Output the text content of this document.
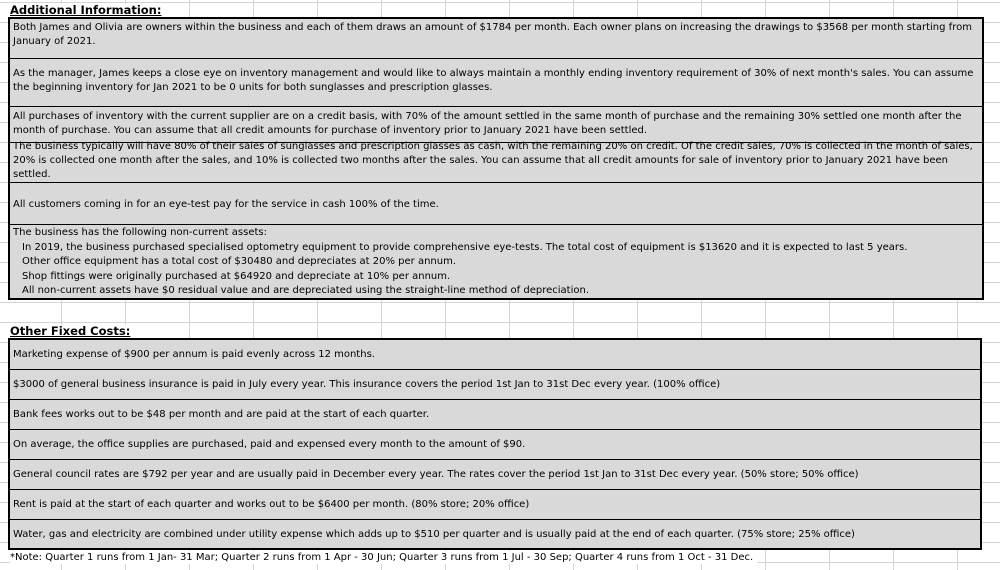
Additional Information:
Both James and Olivia are owners within the business and each of them draws an amount of $1784 per month. Each owner plans on increasing the drawings to $3568 per month starting from January of 2021.
As the manager, James keeps a close eye on inventory management and would like to always maintain a monthly ending inventory requirement of 30% of next month's sales. You can assume the beginning inventory for Jan 2021 to be 0 units for both sunglasses and prescription glasses.
All purchases of inventory with the current supplier are on a credit basis, with 70% of the amount settled in the same month of purchase and the remaining 30% settled one month after the month of purchase. You can assume that all credit amounts for purchase of inventory prior to January 2021 have been settled.
The business typically will have 80% of their sales of sunglasses and prescription glasses as cash, with the remaining 20% on credit. Of the credit sales, 70% is collected in the month of sales, 20% is collected one month after the sales, and 10% is collected two months after the sales. You can assume that all credit amounts for sale of inventory prior to January 2021 have been settled.
All customers coming in for an eye-test pay for the service in cash 100% of the time.
The business has the following non-current assets:
In 2019, the business purchased specialised optometry equipment to provide comprehensive eye-tests. The total cost of equipment is $13620 and it is expected to last 5 years.
Other office equipment has a total cost of $30480 and depreciates at 20% per annum.
Shop fittings were originally purchased at $64920 and depreciate at 10% per annum.
All non-current assets have $0 residual value and are depreciated using the straight-line method of depreciation.
Other Fixed Costs:
Marketing expense of $900 per annum is paid evenly across 12 months.
$3000 of general business insurance is paid in July every year. This insurance covers the period 1st Jan to 31st Dec every year. (100% office)
Bank fees works out to be $48 per month and are paid at the start of each quarter.
On average, the office supplies are purchased, paid and expensed every month to the amount of $90.
General council rates are $792 per year and are usually paid in December every year. The rates cover the period 1st Jan to 31st Dec every year. (50% store; 50% office)
Rent is paid at the start of each quarter and works out to be $6400 per month. (80% store; 20% office)
Water, gas and electricity are combined under utility expense which adds up to $510 per quarter and is usually paid at the end of each quarter. (75% store; 25% office)
*Note: Quarter 1 runs from 1 Jan- 31 Mar; Quarter 2 runs from 1 Apr - 30 Jun; Quarter 3 runs from 1 Jul - 30 Sep; Quarter 4 runs from 1 Oct - 31 Dec.
